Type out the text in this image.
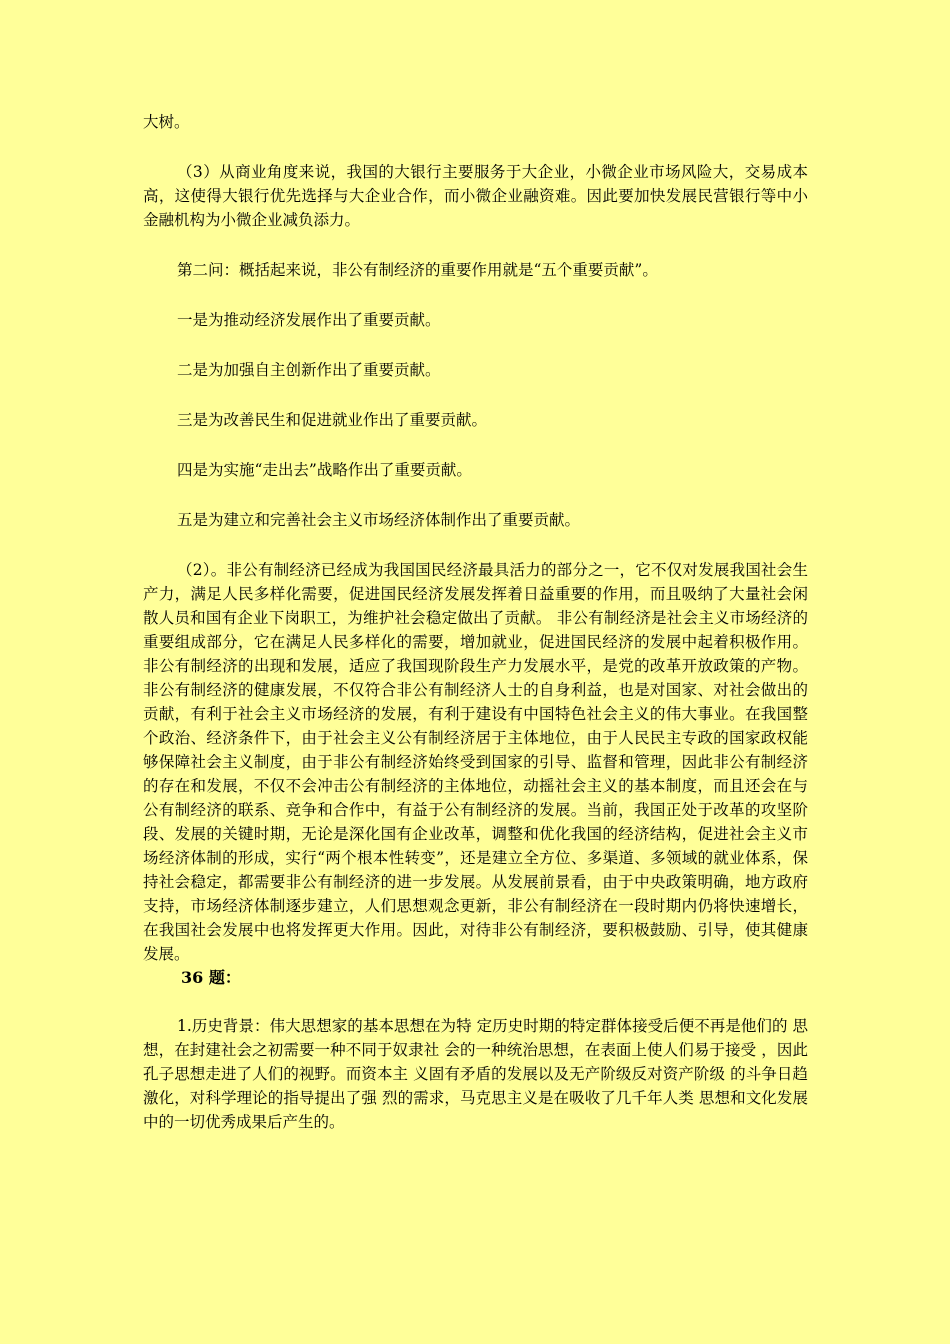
大树。

（3）从商业角度来说，我国的大银行主要服务于大企业，小微企业市场风险大，交易成本高，这使得大银行优先选择与大企业合作，而小微企业融资难。因此要加快发展民营银行等中小金融机构为小微企业减负添力。

第二问：概括起来说，非公有制经济的重要作用就是“五个重要贡献”。

一是为推动经济发展作出了重要贡献。

二是为加强自主创新作出了重要贡献。

三是为改善民生和促进就业作出了重要贡献。

四是为实施“走出去”战略作出了重要贡献。

五是为建立和完善社会主义市场经济体制作出了重要贡献。

（2）。非公有制经济已经成为我国国民经济最具活力的部分之一，它不仅对发展我国社会生产力，满足人民多样化需要，促进国民经济发展发挥着日益重要的作用，而且吸纳了大量社会闲散人员和国有企业下岗职工，为维护社会稳定做出了贡献。 非公有制经济是社会主义市场经济的重要组成部分，它在满足人民多样化的需要，增加就业，促进国民经济的发展中起着积极作用。 非公有制经济的出现和发展，适应了我国现阶段生产力发展水平，是党的改革开放政策的产物。非公有制经济的健康发展，不仅符合非公有制经济人士的自身利益，也是对国家、对社会做出的贡献，有利于社会主义市场经济的发展，有利于建设有中国特色社会主义的伟大事业。在我国整个政治、经济条件下，由于社会主义公有制经济居于主体地位，由于人民民主专政的国家政权能够保障社会主义制度，由于非公有制经济始终受到国家的引导、监督和管理，因此非公有制经济的存在和发展，不仅不会冲击公有制经济的主体地位，动摇社会主义的基本制度，而且还会在与公有制经济的联系、竞争和合作中，有益于公有制经济的发展。当前，我国正处于改革的攻坚阶段、发展的关键时期，无论是深化国有企业改革，调整和优化我国的经济结构，促进社会主义市场经济体制的形成，实行“两个根本性转变”，还是建立全方位、多渠道、多领域的就业体系，保持社会稳定，都需要非公有制经济的进一步发展。从发展前景看，由于中央政策明确，地方政府支持，市场经济体制逐步建立，人们思想观念更新，非公有制经济在一段时期内仍将快速增长，在我国社会发展中也将发挥更大作用。因此，对待非公有制经济，要积极鼓励、引导，使其健康发展。

36 题：

1.历史背景：伟大思想家的基本思想在为特 定历史时期的特定群体接受后便不再是他们的 思想，在封建社会之初需要一种不同于奴隶社 会的一种统治思想，在表面上使人们易于接受 ，因此孔子思想走进了人们的视野。而资本主 义固有矛盾的发展以及无产阶级反对资产阶级 的斗争日趋激化，对科学理论的指导提出了强 烈的需求，马克思主义是在吸收了几千年人类 思想和文化发展中的一切优秀成果后产生的。
